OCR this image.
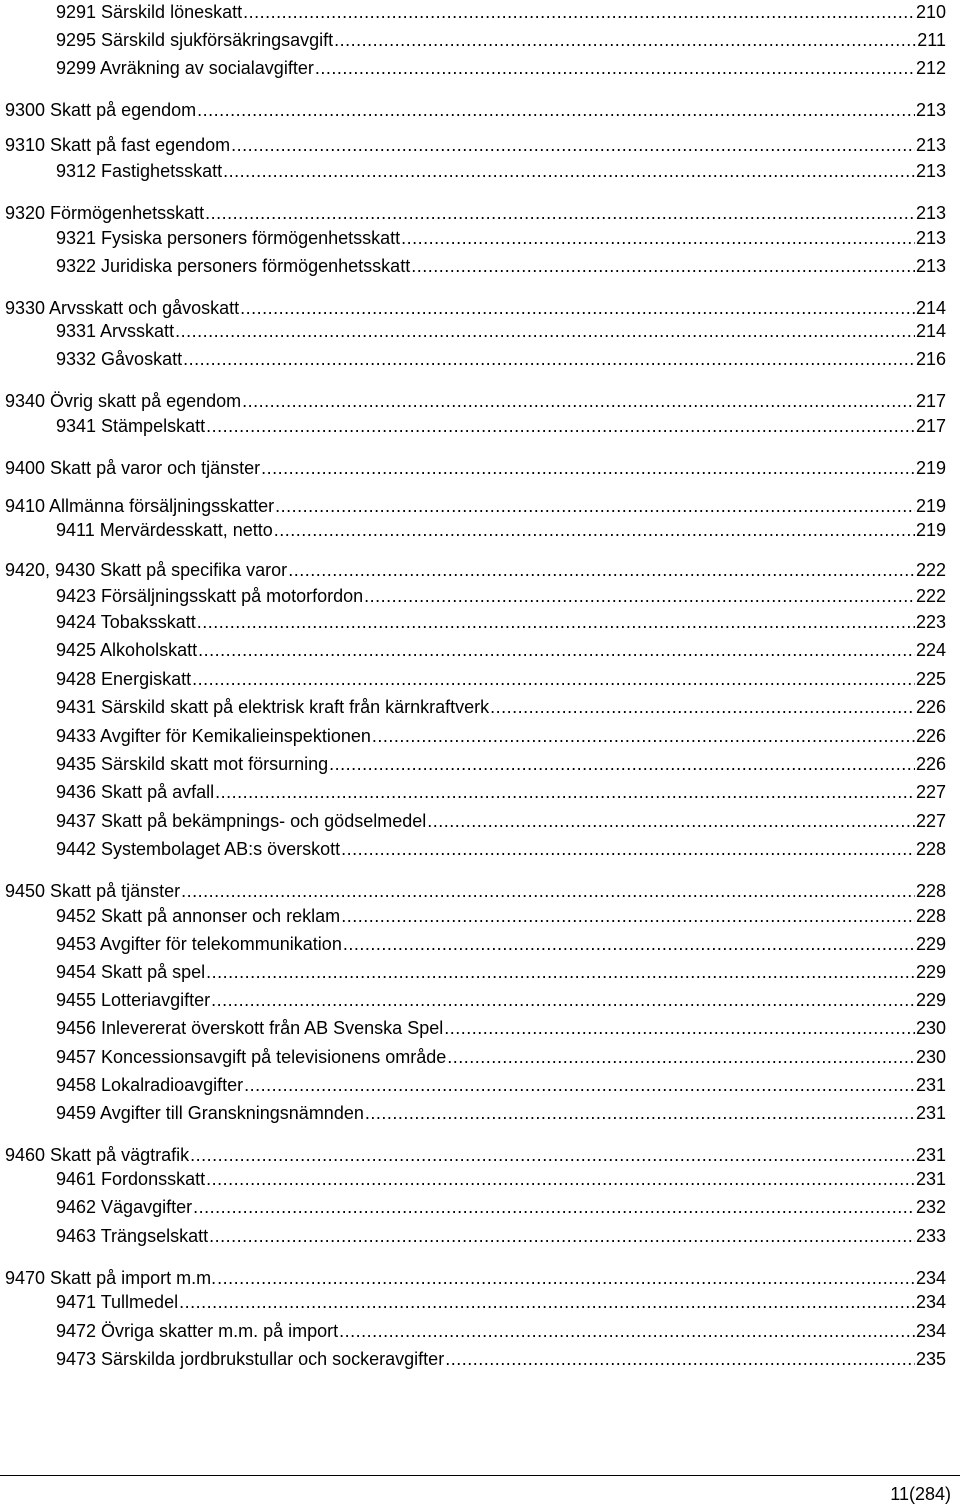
9291 Särskild löneskatt .....	210
9295 Särskild sjukförsäkringsavgift .....	211
9299 Avräkning av socialavgifter .....	212
9300 Skatt på egendom .....	213
9310 Skatt på fast egendom .....	213
9312 Fastighetsskatt .....	213
9320 Förmögenhetsskatt .....	213
9321 Fysiska personers förmögenhetsskatt .....	213
9322 Juridiska personers förmögenhetsskatt .....	213
9330 Arvsskatt och gåvoskatt .....	214
9331 Arvsskatt .....	214
9332 Gåvoskatt .....	216
9340 Övrig skatt på egendom .....	217
9341 Stämpelskatt .....	217
9400 Skatt på varor och tjänster .....	219
9410 Allmänna försäljningsskatter .....	219
9411 Mervärdesskatt, netto .....	219
9420, 9430 Skatt på specifika varor .....	222
9423 Försäljningsskatt på motorfordon .....	222
9424 Tobaksskatt .....	223
9425 Alkoholskatt .....	224
9428 Energiskatt .....	225
9431 Särskild skatt på elektrisk kraft från kärnkraftverk .....	226
9433 Avgifter för Kemikalieinspektionen .....	226
9435 Särskild skatt mot försurning .....	226
9436 Skatt på avfall .....	227
9437 Skatt på bekämpnings- och gödselmedel .....	227
9442 Systembolaget AB:s överskott .....	228
9450 Skatt på tjänster .....	228
9452 Skatt på annonser och reklam .....	228
9453 Avgifter för telekommunikation .....	229
9454 Skatt på spel .....	229
9455 Lotteriavgifter .....	229
9456 Inlevererat överskott från AB Svenska Spel .....	230
9457 Koncessionsavgift på televisionens område .....	230
9458 Lokalradioavgifter .....	231
9459 Avgifter till Granskningsnämnden .....	231
9460 Skatt på vägtrafik .....	231
9461 Fordonsskatt .....	231
9462 Vägavgifter .....	232
9463 Trängselskatt .....	233
9470 Skatt på import m.m. .....	234
9471 Tullmedel .....	234
9472 Övriga skatter m.m. på import .....	234
9473 Särskilda jordbrukstullar och sockeravgifter .....	235
11(284)
